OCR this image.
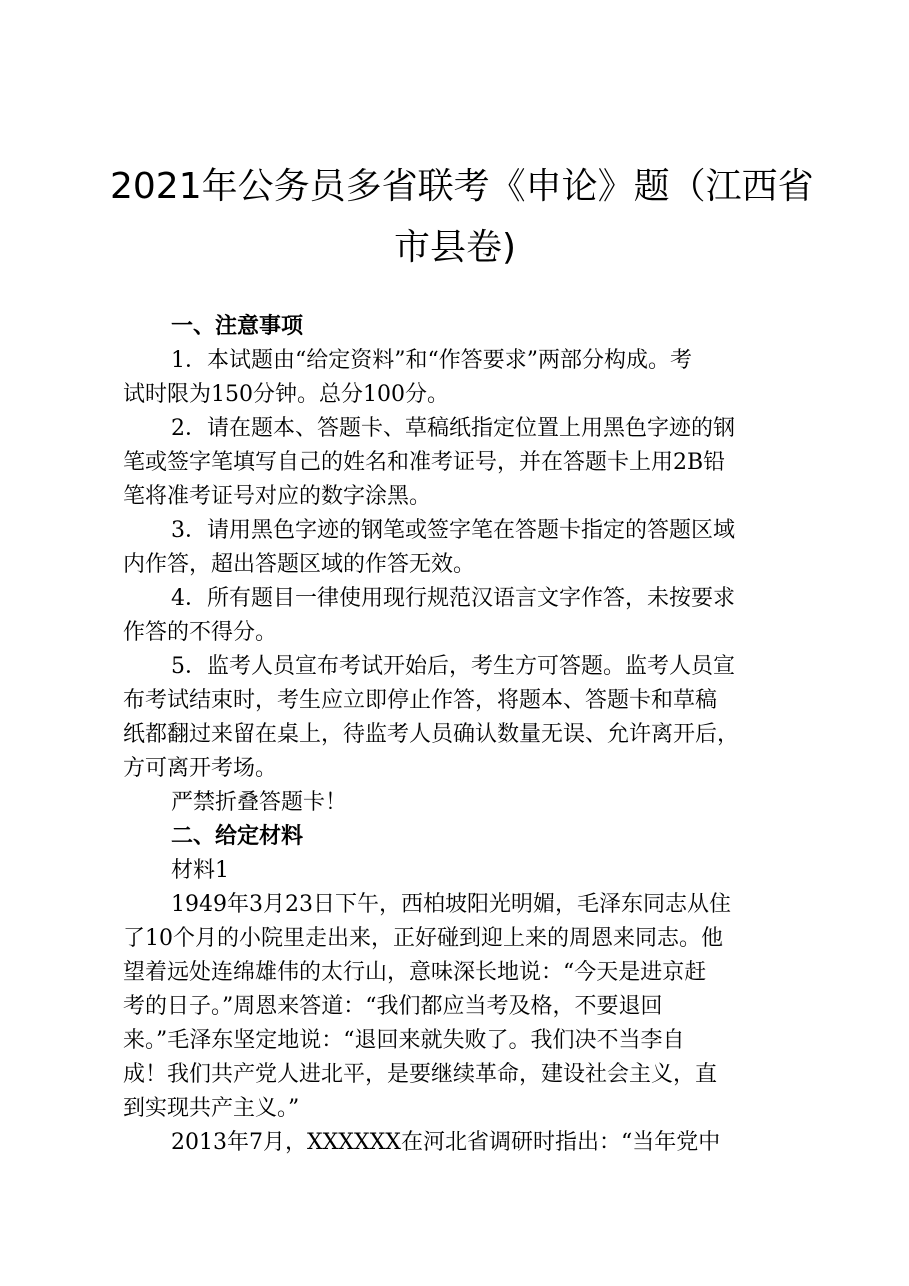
2021年公务员多省联考《申论》题（江西省
市县卷)
一、注意事项
1．本试题由“给定资料”和“作答要求”两部分构成。考
试时限为150分钟。总分100分。
2．请在题本、答题卡、草稿纸指定位置上用黑色字迹的钢
笔或签字笔填写自己的姓名和准考证号，并在答题卡上用2B铅
笔将准考证号对应的数字涂黑。
3．请用黑色字迹的钢笔或签字笔在答题卡指定的答题区域
内作答，超出答题区域的作答无效。
4．所有题目一律使用现行规范汉语言文字作答，未按要求
作答的不得分。
5．监考人员宣布考试开始后，考生方可答题。监考人员宣
布考试结束时，考生应立即停止作答，将题本、答题卡和草稿
纸都翻过来留在桌上，待监考人员确认数量无误、允许离开后，
方可离开考场。
严禁折叠答题卡！
二、给定材料
材料1
1949年3月23日下午，西柏坡阳光明媚，毛泽东同志从住
了10个月的小院里走出来，正好碰到迎上来的周恩来同志。他
望着远处连绵雄伟的太行山，意味深长地说：“今天是进京赶
考的日子。”周恩来答道：“我们都应当考及格，不要退回
来。”毛泽东坚定地说：“退回来就失败了。我们决不当李自
成！我们共产党人进北平，是要继续革命，建设社会主义，直
到实现共产主义。”
2013年7月，XXXXXX在河北省调研时指出：“当年党中
